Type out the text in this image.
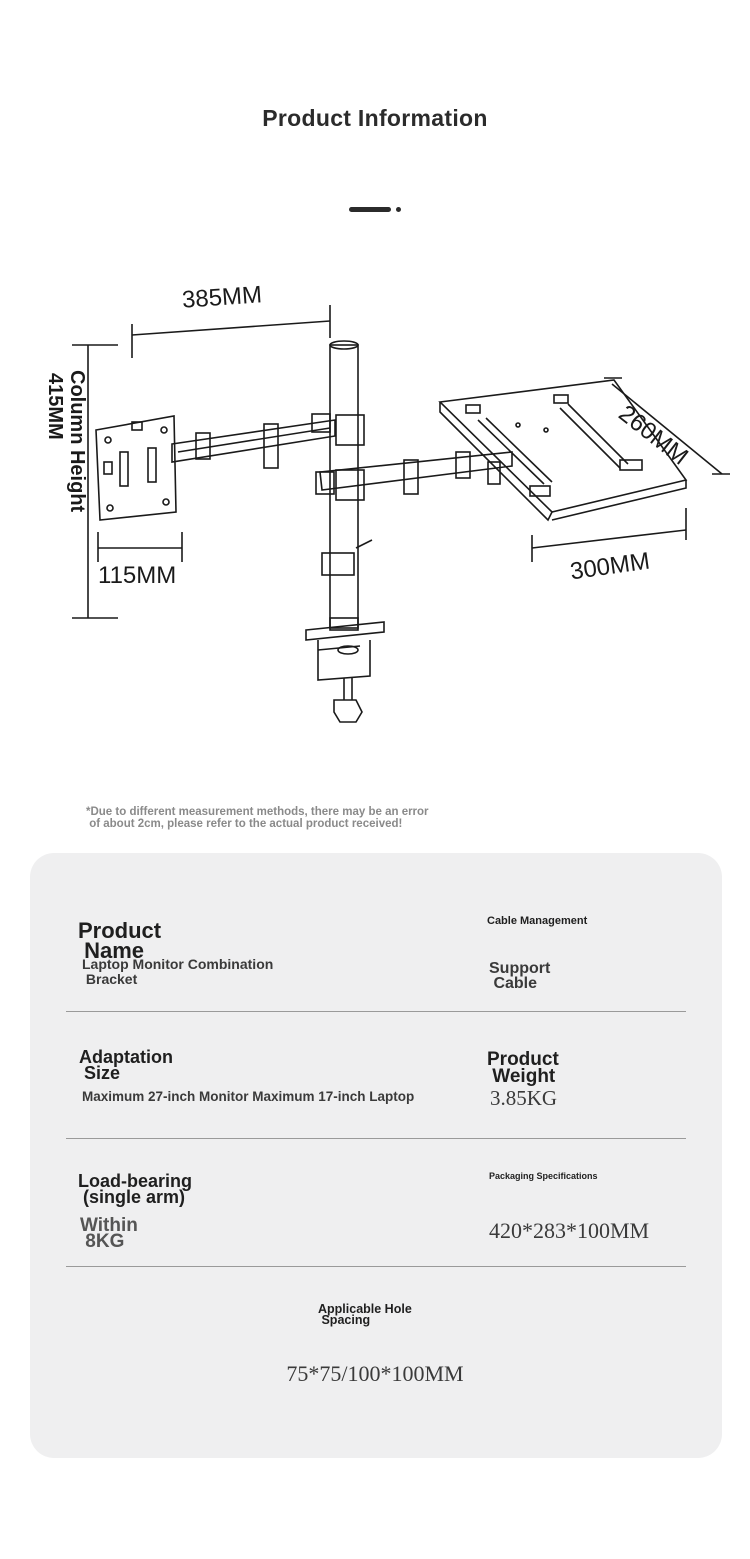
Product Information
385MM
260MM
300MM
115MM
Column Height
415MM
*Due to different measurement methods, there may be an error
of about 2cm, please refer to the actual product received!
Product
Name
Laptop Monitor Combination
Bracket
Cable Management
Support
Cable
Adaptation
Size
Maximum 27-inch Monitor Maximum 17-inch Laptop
Product
Weight
3.85KG
Load-bearing
(single arm)
Within
8KG
Packaging Specifications
420*283*100MM
Applicable Hole
Spacing
75*75/100*100MM
